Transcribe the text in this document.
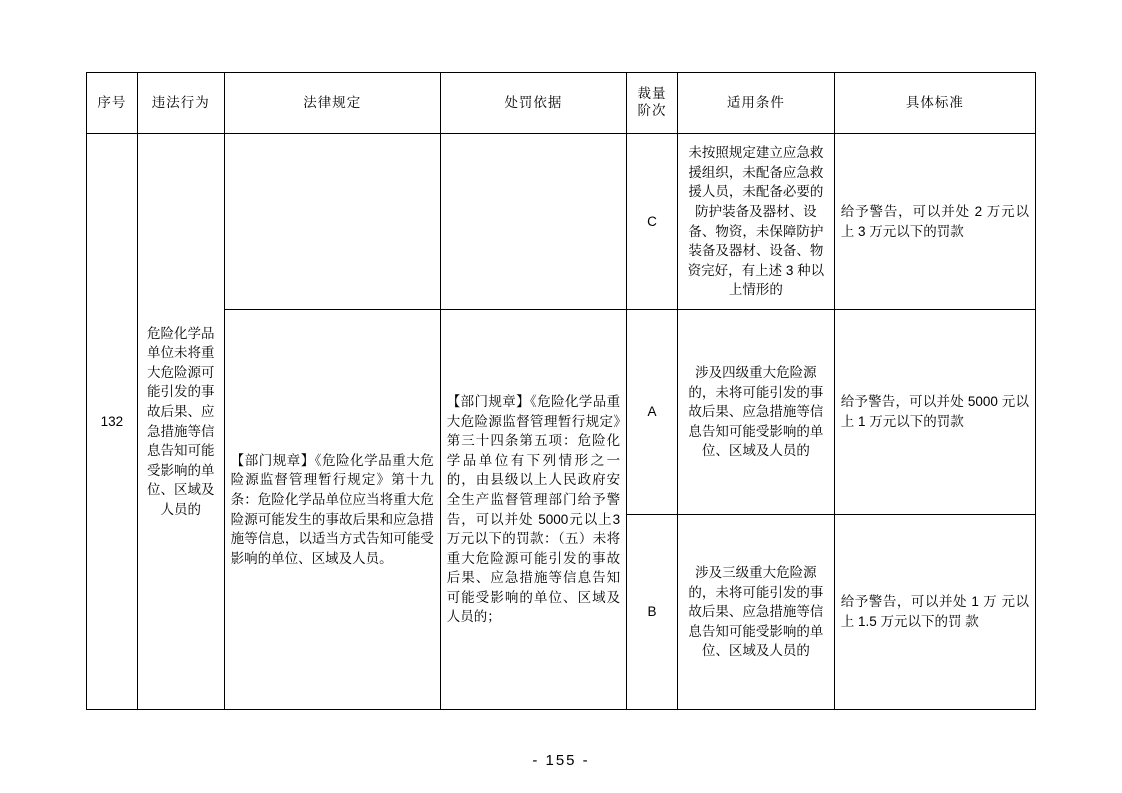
序号	违法行为	法律规定	处罚依据	裁量
阶次	适用条件	具体标准
132	危险化学品单位未将重大危险源可能引发的事故后果、应急措施等信息告知可能受影响的单位、区域及人员的			C	未按照规定建立应急救援组织，未配备应急救援人员，未配备必要的防护装备及器材、设备、物资，未保障防护装备及器材、设备、物资完好，有上述 3 种以上情形的	给予警告，可以并处 2 万元以上 3 万元以下的罚款
		【部门规章】《危险化学品重大危险源监督管理暂行规定》第十九条：危险化学品单位应当将重大危险源可能发生的事故后果和应急措施等信息，以适当方式告知可能受影响的单位、区域及人员。	【部门规章】《危险化学品重大危险源监督管理暂行规定》第三十四条第五项：危险化学品单位有下列情形之一的，由县级以上人民政府安全生产监督管理部门给予警告，可以并处 5000元以上3万元以下的罚款：（五）未将重大危险源可能引发的事故后果、应急措施等信息告知可能受影响的单位、区域及人员的；	A	涉及四级重大危险源的，未将可能引发的事故后果、应急措施等信息告知可能受影响的单位、区域及人员的	给予警告，可以并处 5000 元以上 1 万元以下的罚款
				B	涉及三级重大危险源的，未将可能引发的事故后果、应急措施等信息告知可能受影响的单位、区域及人员的	给予警告，可以并处 1 万 元以上 1.5 万元以下的罚 款
- 155 -
